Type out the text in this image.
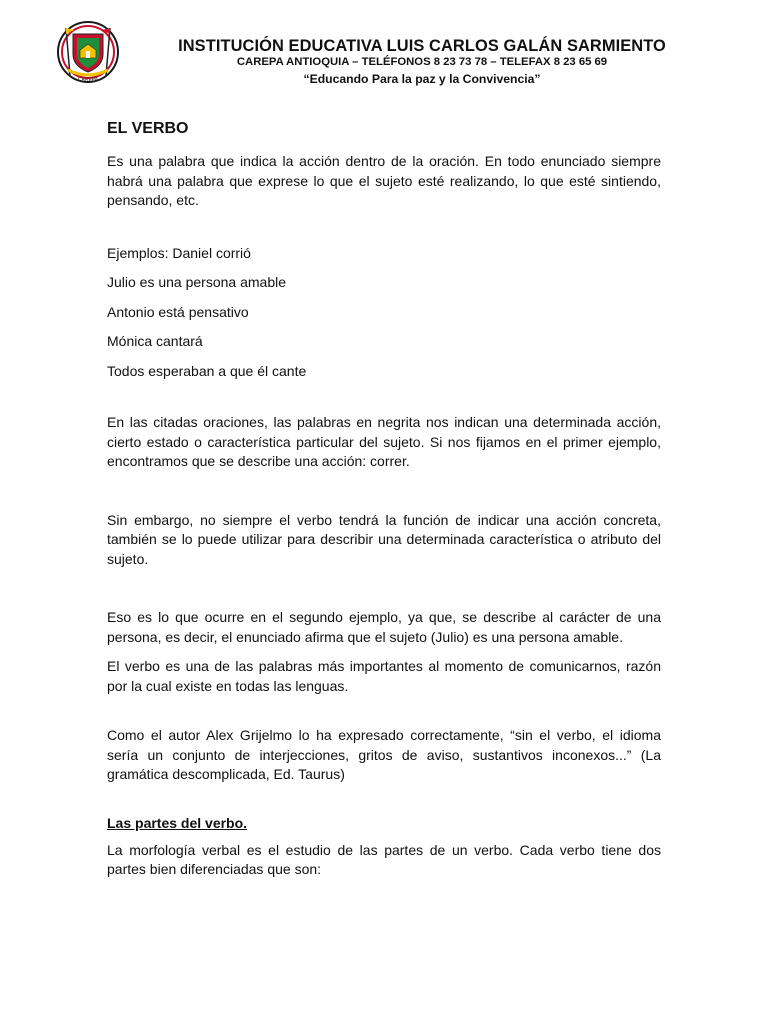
CAREPA
INSTITUCIÓN EDUCATIVA LUIS CARLOS GALÁN SARMIENTO
CAREPA ANTIOQUIA – TELÉFONOS 8 23 73 78 – TELEFAX 8 23 65 69
“Educando Para la paz y la Convivencia”
EL VERBO

Es una palabra que indica la acción dentro de la oración. En todo enunciado siempre habrá una palabra que exprese lo que el sujeto esté realizando, lo que esté sintiendo, pensando, etc.

Ejemplos: Daniel corrió
Julio es una persona amable
Antonio está pensativo
Mónica cantará
Todos esperaban a que él cante

En las citadas oraciones, las palabras en negrita nos indican una determinada acción, cierto estado o característica particular del sujeto. Si nos fijamos en el primer ejemplo, encontramos que se describe una acción: correr.

Sin embargo, no siempre el verbo tendrá la función de indicar una acción concreta, también se lo puede utilizar para describir una determinada característica o atributo del sujeto.

Eso es lo que ocurre en el segundo ejemplo, ya que, se describe al carácter de una persona, es decir, el enunciado afirma que el sujeto (Julio) es una persona amable.

El verbo es una de las palabras más importantes al momento de comunicarnos, razón por la cual existe en todas las lenguas.

Como el autor Alex Grijelmo lo ha expresado correctamente, “sin el verbo, el idioma sería un conjunto de interjecciones, gritos de aviso, sustantivos inconexos...” (La gramática descomplicada, Ed. Taurus)

Las partes del verbo.

La morfología verbal es el estudio de las partes de un verbo. Cada verbo tiene dos partes bien diferenciadas que son:
